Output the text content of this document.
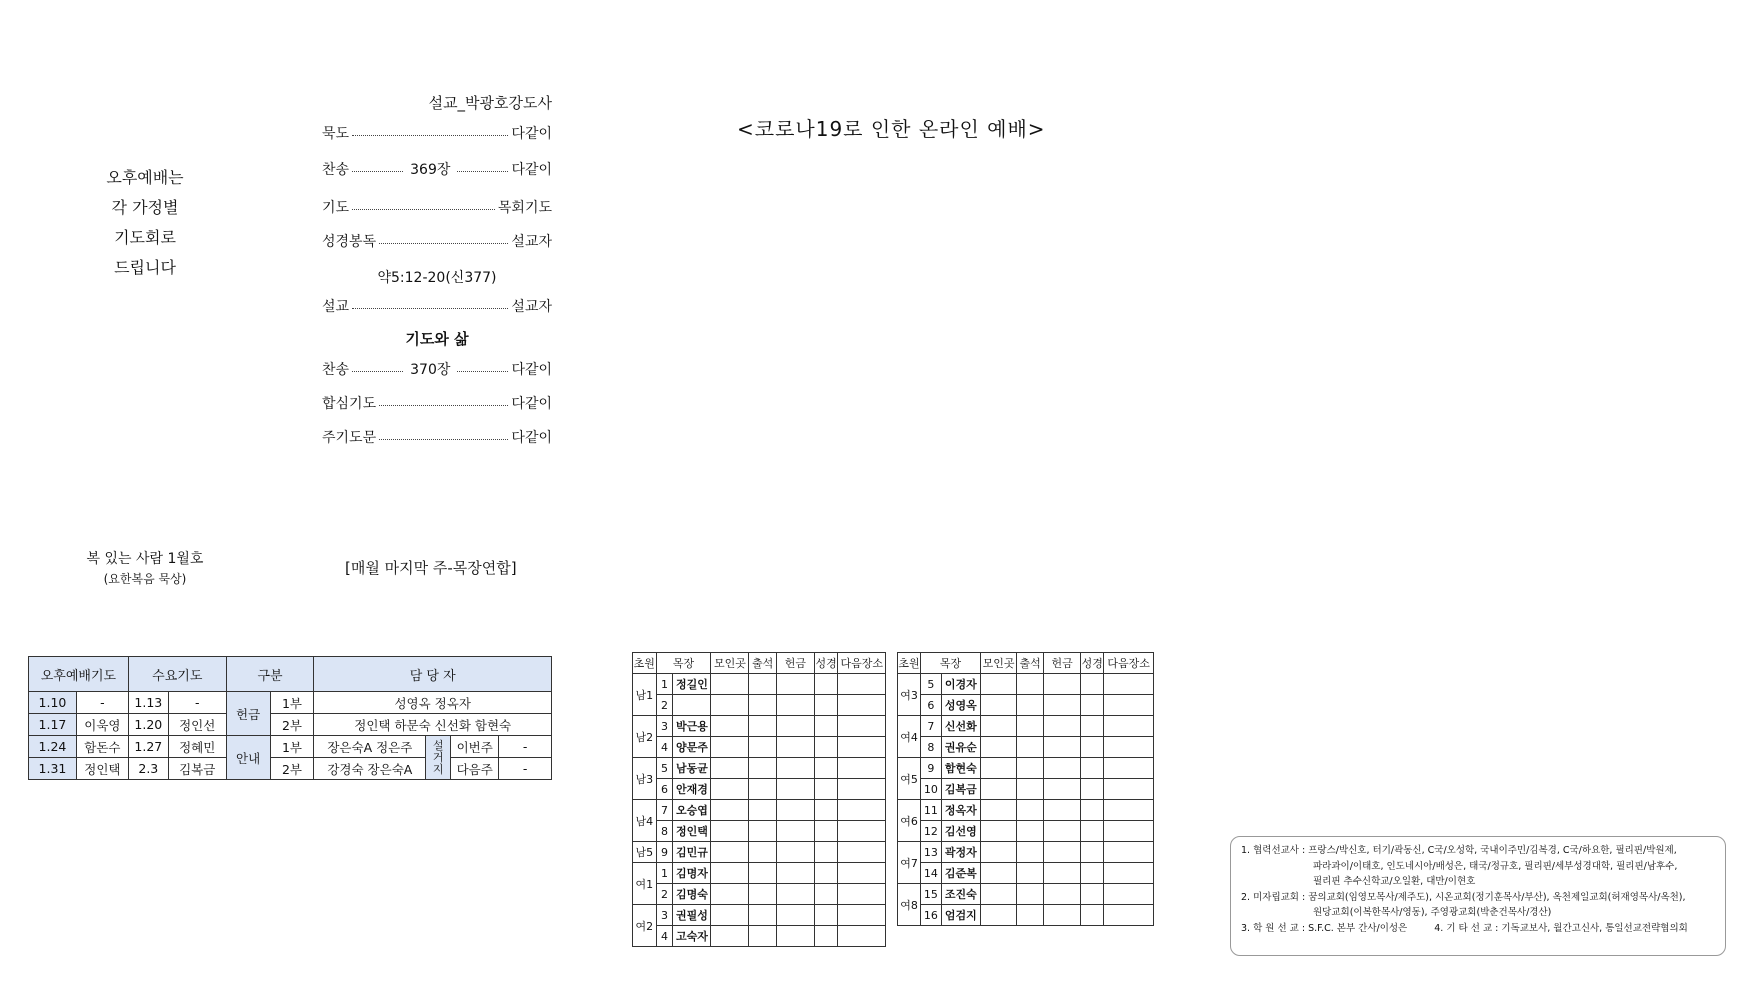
설교_박광호강도사
<코로나19로 인한 온라인 예배>
오후예배는
각 가정별
기도회로
드립니다
묵도	다같이
찬송	369장	다같이
기도	목회기도
성경봉독	설교자
약5:12-20(신377)
설교	설교자
기도와 삶
찬송	370장	다같이
합심기도	다같이
주기도문	다같이
복 있는 사람 1월호
(요한복음 묵상)
[매월 마지막 주-목장연합]
오후예배기도		수요기도		구분		담 당 자			
1.10	-	1.13	-	헌금	1부	성영옥 정옥자			
1.17	이욱영	1.20	정인선		2부	정인택 하문숙 신선화 함현숙			
1.24	함돈수	1.27	정혜민	안내	1부	장은숙A 정은주	설거지	이번주	-
1.31	정인택	2.3	김복금		2부	강경숙 장은숙A		다음주	-
초원	목장		모인곳	출석	헌금	성경	다음장소
남1	1	정길인					
	2						
남2	3	박근용					
	4	양문주					
남3	5	남동균					
	6	안재경					
남4	7	오승엽					
	8	정인택					
남5	9	김민규					
여1	1	김명자					
	2	김명숙					
여2	3	권필성					
	4	고숙자					
초원	목장		모인곳	출석	헌금	성경	다음장소
여3	5	이경자					
	6	성영옥					
여4	7	신선화					
	8	권유순					
여5	9	함현숙					
	10	김복금					
여6	11	정옥자					
	12	김선영					
여7	13	곽정자					
	14	김준복					
여8	15	조진숙					
	16	엄검지					
1. 협력선교사 : 프랑스/박신호, 터기/곽동신, C국/오성학, 국내이주민/김복경, C국/하요한, 필리핀/박원제,
파라과이/이태호, 인도네시아/배성은, 태국/정규호, 필리핀/세부성경대학, 필리핀/남후수,
필리핀 추수신학교/오일환, 대만/이현호
2. 미자립교회 : 꿈의교회(임영모목사/제주도), 시온교회(정기훈목사/부산), 옥천제일교회(허재영목사/옥천),
원당교회(이복한목사/영동), 주영광교회(박춘건목사/경산)
3. 학 원 선 교 : S.F.C. 본부 간사/이성은	4. 기 타 선 교 : 기독교보사, 월간고신사, 통일선교전략협의회
